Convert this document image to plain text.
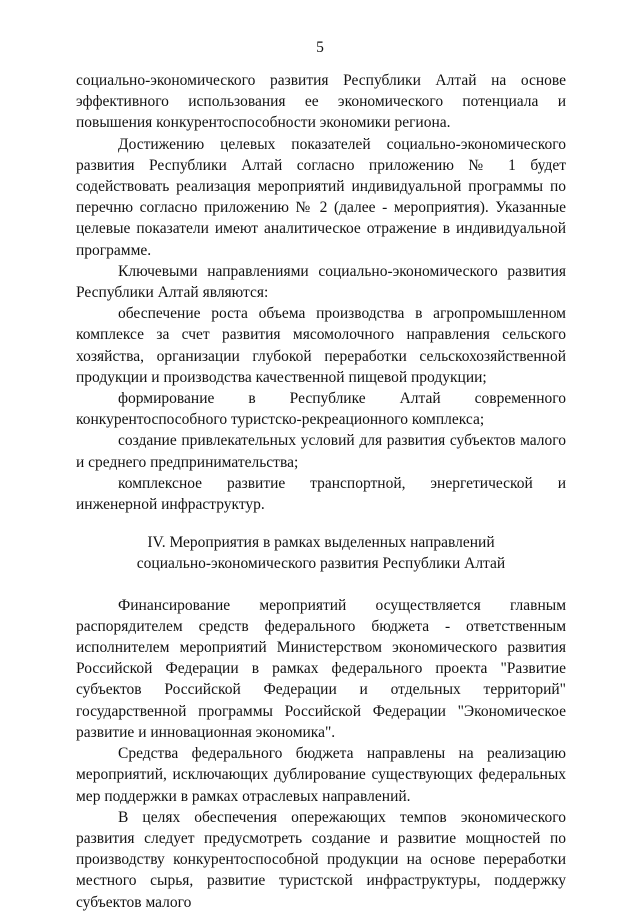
5

социально-экономического развития Республики Алтай на основе эффективного использования ее экономического потенциала и повышения конкурентоспособности экономики региона.

Достижению целевых показателей социально-экономического развития Республики Алтай согласно приложению № 1 будет содействовать реализация мероприятий индивидуальной программы по перечню согласно приложению № 2 (далее - мероприятия). Указанные целевые показатели имеют аналитическое отражение в индивидуальной программе.

Ключевыми направлениями социально-экономического развития Республики Алтай являются:

обеспечение роста объема производства в агропромышленном комплексе за счет развития мясомолочного направления сельского хозяйства, организации глубокой переработки сельскохозяйственной продукции и производства качественной пищевой продукции;

формирование в Республике Алтай современного конкурентоспособного туристско-рекреационного комплекса;

создание привлекательных условий для развития субъектов малого и среднего предпринимательства;

комплексное развитие транспортной, энергетической и инженерной инфраструктур.

IV. Мероприятия в рамках выделенных направлений
социально-экономического развития Республики Алтай

Финансирование мероприятий осуществляется главным распорядителем средств федерального бюджета - ответственным исполнителем мероприятий Министерством экономического развития Российской Федерации в рамках федерального проекта "Развитие субъектов Российской Федерации и отдельных территорий" государственной программы Российской Федерации "Экономическое развитие и инновационная экономика".

Средства федерального бюджета направлены на реализацию мероприятий, исключающих дублирование существующих федеральных мер поддержки в рамках отраслевых направлений.

В целях обеспечения опережающих темпов экономического развития следует предусмотреть создание и развитие мощностей по производству конкурентоспособной продукции на основе переработки местного сырья, развитие туристской инфраструктуры, поддержку субъектов малого
